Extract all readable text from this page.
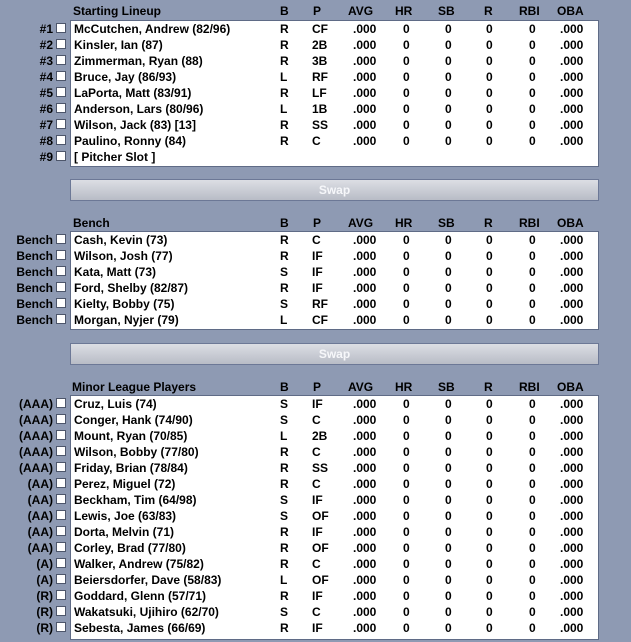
Starting Lineup	B P AVG HR SB R RBI OBA
#1 McCutchen, Andrew (82/96)	R CF .000 0	0	0	0 .000
#2 Kinsler, Ian (87)	R 2B .000 0	0	0	0 .000
#3 Zimmerman, Ryan (88)	R 3B .000 0	0	0	0 .000
#4 Bruce, Jay (86/93)	L RF .000 0	0	0	0 .000
#5 LaPorta, Matt (83/91)	R LF .000 0	0	0	0 .000
#6 Anderson, Lars (80/96)	L 1B .000 0	0	0	0 .000
#7 Wilson, Jack (83) [13]	R SS .000 0	0	0	0 .000
#8 Paulino, Ronny (84)	R C	.000 0	0	0	0 .000
#9 [ Pitcher Slot ]
Swap
Bench	B P AVG HR SB R RBI OBA
Bench Cash, Kevin (73)	R C	.000 0	0	0	0 .000
Bench Wilson, Josh (77)	R IF	.000 0	0	0	0 .000
Bench Kata, Matt (73)	S IF	.000 0	0	0	0 .000
Bench Ford, Shelby (82/87)	R IF	.000 0	0	0	0 .000
Bench Kielty, Bobby (75)	S RF .000 0	0	0	0 .000
Bench Morgan, Nyjer (79)	L CF .000 0	0	0	0 .000
Swap
Minor League Players	B P AVG HR SB R RBI OBA
(AAA) Cruz, Luis (74)	S IF	.000 0	0	0	0 .000
(AAA) Conger, Hank (74/90)	S C	.000 0	0	0	0 .000
(AAA) Mount, Ryan (70/85)	L 2B .000 0	0	0	0 .000
(AAA) Wilson, Bobby (77/80)	R C	.000 0	0	0	0 .000
(AAA) Friday, Brian (78/84)	R SS .000 0	0	0	0 .000
(AA) Perez, Miguel (72)	R C	.000 0	0	0	0 .000
(AA) Beckham, Tim (64/98)	S IF	.000 0	0	0	0 .000
(AA) Lewis, Joe (63/83)	S OF .000 0	0	0	0 .000
(AA) Dorta, Melvin (71)	R IF	.000 0	0	0	0 .000
(AA) Corley, Brad (77/80)	R OF .000 0	0	0	0 .000
(A) Walker, Andrew (75/82)	R C	.000 0	0	0	0 .000
(A) Beiersdorfer, Dave (58/83)	L OF .000 0	0	0	0 .000
(R) Goddard, Glenn (57/71)	R IF	.000 0	0	0	0 .000
(R) Wakatsuki, Ujihiro (62/70)	S C	.000 0	0	0	0 .000
(R) Sebesta, James (66/69)	R IF	.000 0	0	0	0 .000
